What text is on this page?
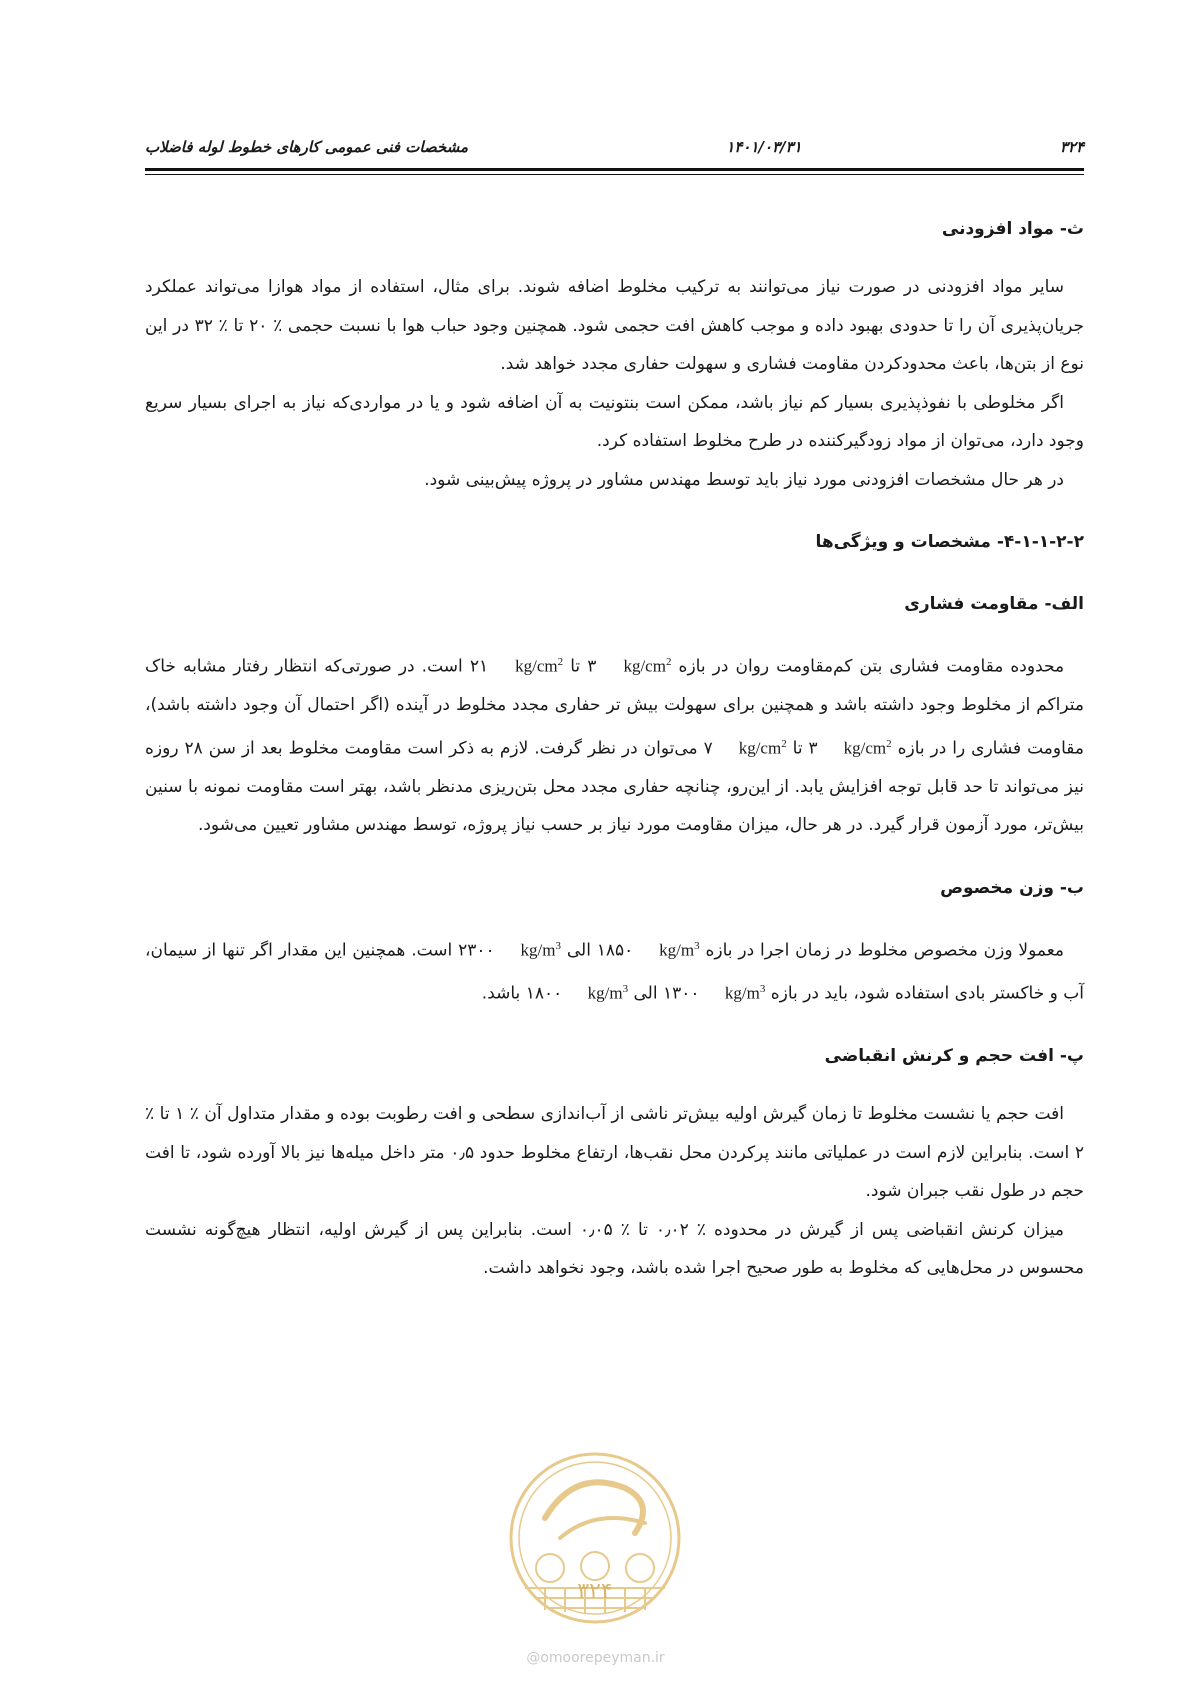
۳۲۴
۱۴۰۱/۰۳/۳۱
مشخصات فنی عمومی کارهای خطوط لوله فاضلاب
ث- مواد افزودنی

سایر مواد افزودنی در صورت نیاز می‌توانند به ترکیب مخلوط اضافه شوند. برای مثال، استفاده از مواد هوازا می‌تواند عملکرد جریان‌پذیری آن را تا حدودی بهبود داده و موجب کاهش افت حجمی شود. همچنین وجود حباب هوا با نسبت حجمی ٪ ۲۰ تا ٪ ۳۲ در این نوع از بتن‌ها، باعث محدودکردن مقاومت فشاری و سهولت حفاری مجدد خواهد شد.

اگر مخلوطی با نفوذپذیری بسیار کم نیاز باشد، ممکن است بنتونیت به آن اضافه شود و یا در مواردی‌که نیاز به اجرای بسیار سریع وجود دارد، می‌توان از مواد زودگیرکننده در طرح مخلوط استفاده کرد.

در هر حال مشخصات افزودنی مورد نیاز باید توسط مهندس مشاور در پروژه پیش‌بینی شود.

۴-۱-۱-۲-۲- مشخصات و ویژگی‌ها
الف- مقاومت فشاری

محدوده مقاومت فشاری بتن کم‌مقاومت روان در بازه $kg/cm^2$ ۳ تا $kg/cm^2$ ۲۱ است. در صورتی‌که انتظار رفتار مشابه خاک متراکم از مخلوط وجود داشته باشد و همچنین برای سهولت بیش تر حفاری مجدد مخلوط در آینده (اگر احتمال آن وجود داشته باشد)، مقاومت فشاری را در بازه $kg/cm^2$ ۳ تا $kg/cm^2$ ۷ می‌توان در نظر گرفت. لازم به ذکر است مقاومت مخلوط بعد از سن ۲۸ روزه نیز می‌تواند تا حد قابل توجه افزایش یابد. از این‌رو، چنانچه حفاری مجدد محل بتن‌ریزی مدنظر باشد، بهتر است مقاومت نمونه با سنین بیش‌تر، مورد آزمون قرار گیرد. در هر حال، میزان مقاومت مورد نیاز بر حسب نیاز پروژه، توسط مهندس مشاور تعیین می‌شود.

ب- وزن مخصوص

معمولا وزن مخصوص مخلوط در زمان اجرا در بازه $kg/m^3$ ۱۸۵۰ الی $kg/m^3$ ۲۳۰۰ است. همچنین این مقدار اگر تنها از سیمان، آب و خاکستر بادی استفاده شود، باید در بازه $kg/m^3$ ۱۳۰۰ الی $kg/m^3$ ۱۸۰۰ باشد.

پ- افت حجم و کرنش انقباضی

افت حجم یا نشست مخلوط تا زمان گیرش اولیه بیش‌تر ناشی از آب‌اندازی سطحی و افت رطوبت بوده و مقدار متداول آن ٪ ۱ تا ٪ ۲ است. بنابراین لازم است در عملیاتی مانند پرکردن محل نقب‌ها، ارتفاع مخلوط حدود ۰٫۵ متر داخل میله‌ها نیز بالا آورده شود، تا افت حجم در طول نقب جبران شود.

میزان کرنش انقباضی پس از گیرش در محدوده ٪ ۰٫۰۲ تا ٪ ۰٫۰۵ است. بنابراین پس از گیرش اولیه، انتظار هیچ‌گونه نشست محسوس در محل‌هایی که مخلوط به طور صحیح اجرا شده باشد، وجود نخواهد داشت.

۳۲۴
@omoorepeyman.ir
